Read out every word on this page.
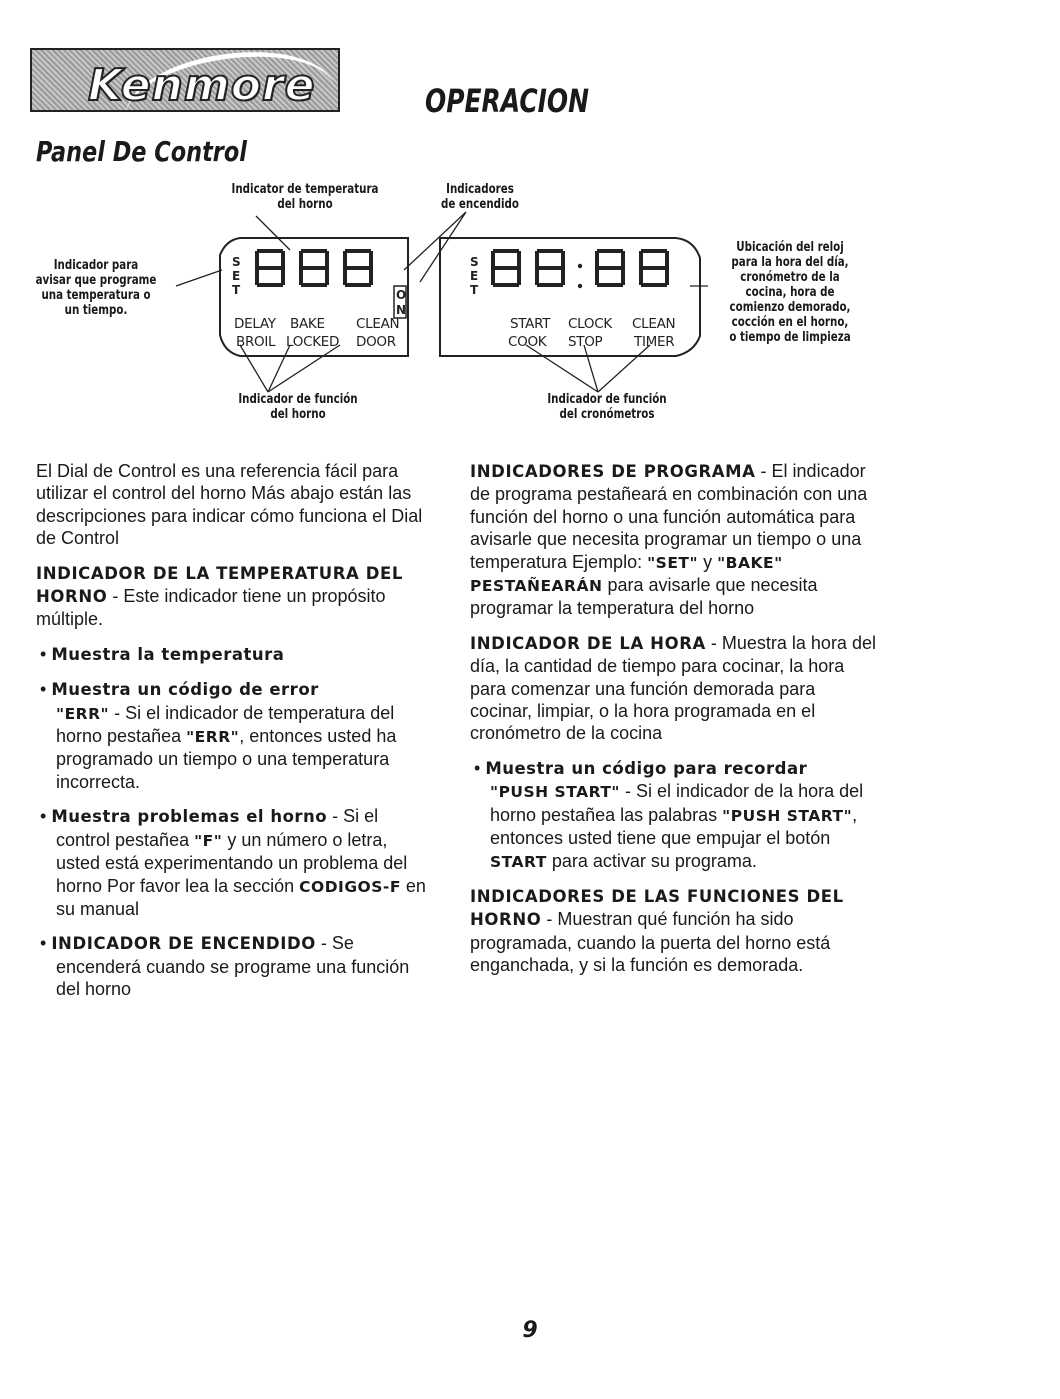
Kenmore	OPERACION
Panel De Control
S
E
T	O
N
S
E
T
DELAY BAKE CLEAN
BROIL LOCKED DOOR
START CLOCK CLEAN
COOK STOP TIMER

Indicator de temperatura
del horno

Indicadores
de encendido

Indicador para
avisar que programe
una temperatura o
un tiempo.

Ubicación del reloj
para la hora del día,
cronómetro de la
cocina, hora de
comienzo demorado,
cocción en el horno,
o tiempo de limpieza

Indicador de función
del horno

Indicador de función
del cronómetros

El Dial de Control es una referencia fácil para utilizar el control del horno Más abajo están las descripciones para indicar cómo funciona el Dial de Control

INDICADOR DE LA TEMPERATURA DEL HORNO - Este indicador tiene un propósito múltiple.

• Muestra la temperatura

• Muestra un código de error
"ERR" - Si el indicador de temperatura del horno pestañea "ERR", entonces usted ha programado un tiempo o una temperatura incorrecta.

• Muestra problemas el horno - Si el control pestañea "F" y un número o letra, usted está experimentando un problema del horno Por favor lea la sección CODIGOS-F en su manual

• INDICADOR DE ENCENDIDO - Se encenderá cuando se programe una función del horno

INDICADORES DE PROGRAMA - El indicador de programa pestañeará en combinación con una función del horno o una función automática para avisarle que necesita programar un tiempo o una temperatura Ejemplo: "SET" y "BAKE" PESTAÑEARÁN para avisarle que necesita programar la temperatura del horno

INDICADOR DE LA HORA - Muestra la hora del día, la cantidad de tiempo para cocinar, la hora para comenzar una función demorada para cocinar, limpiar, o la hora programada en el cronómetro de la cocina

• Muestra un código para recordar
"PUSH START" - Si el indicador de la hora del horno pestañea las palabras "PUSH START", entonces usted tiene que empujar el botón START para activar su programa.

INDICADORES DE LAS FUNCIONES DEL HORNO - Muestran qué función ha sido programada, cuando la puerta del horno está enganchada, y si la función es demorada.

9
